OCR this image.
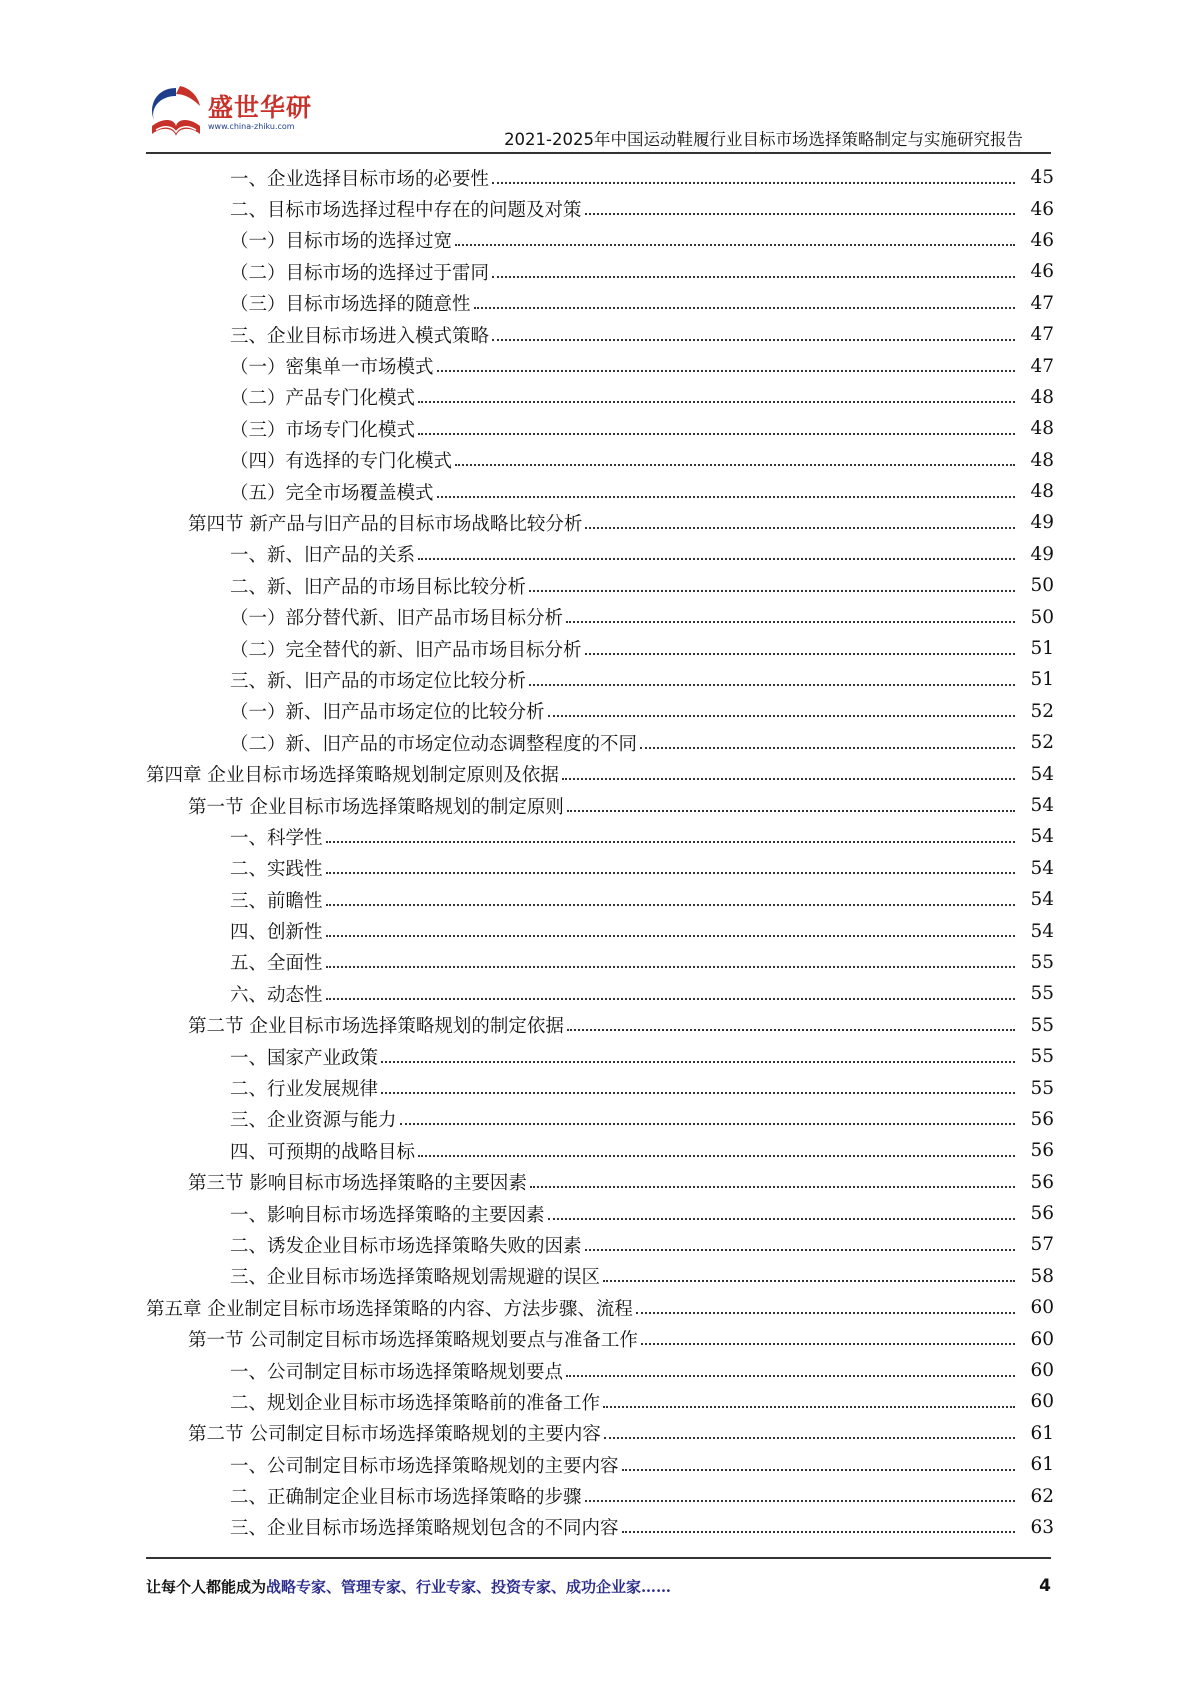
盛世华研
www.china-zhiku.com
2021-2025年中国运动鞋履行业目标市场选择策略制定与实施研究报告
一、企业选择目标市场的必要性	45
二、目标市场选择过程中存在的问题及对策	46
（一）目标市场的选择过宽	46
（二）目标市场的选择过于雷同	46
（三）目标市场选择的随意性	47
三、企业目标市场进入模式策略	47
（一）密集单一市场模式	47
（二）产品专门化模式	48
（三）市场专门化模式	48
（四）有选择的专门化模式	48
（五）完全市场覆盖模式	48
第四节 新产品与旧产品的目标市场战略比较分析	49
一、新、旧产品的关系	49
二、新、旧产品的市场目标比较分析	50
（一）部分替代新、旧产品市场目标分析	50
（二）完全替代的新、旧产品市场目标分析	51
三、新、旧产品的市场定位比较分析	51
（一）新、旧产品市场定位的比较分析	52
（二）新、旧产品的市场定位动态调整程度的不同	52
第四章 企业目标市场选择策略规划制定原则及依据	54
第一节 企业目标市场选择策略规划的制定原则	54
一、科学性	54
二、实践性	54
三、前瞻性	54
四、创新性	54
五、全面性	55
六、动态性	55
第二节 企业目标市场选择策略规划的制定依据	55
一、国家产业政策	55
二、行业发展规律	55
三、企业资源与能力	56
四、可预期的战略目标	56
第三节 影响目标市场选择策略的主要因素	56
一、影响目标市场选择策略的主要因素	56
二、诱发企业目标市场选择策略失败的因素	57
三、企业目标市场选择策略规划需规避的误区	58
第五章 企业制定目标市场选择策略的内容、方法步骤、流程	60
第一节 公司制定目标市场选择策略规划要点与准备工作	60
一、公司制定目标市场选择策略规划要点	60
二、规划企业目标市场选择策略前的准备工作	60
第二节 公司制定目标市场选择策略规划的主要内容	61
一、公司制定目标市场选择策略规划的主要内容	61
二、正确制定企业目标市场选择策略的步骤	62
三、企业目标市场选择策略规划包含的不同内容	63
让每个人都能成为战略专家、管理专家、行业专家、投资专家、成功企业家……	4
